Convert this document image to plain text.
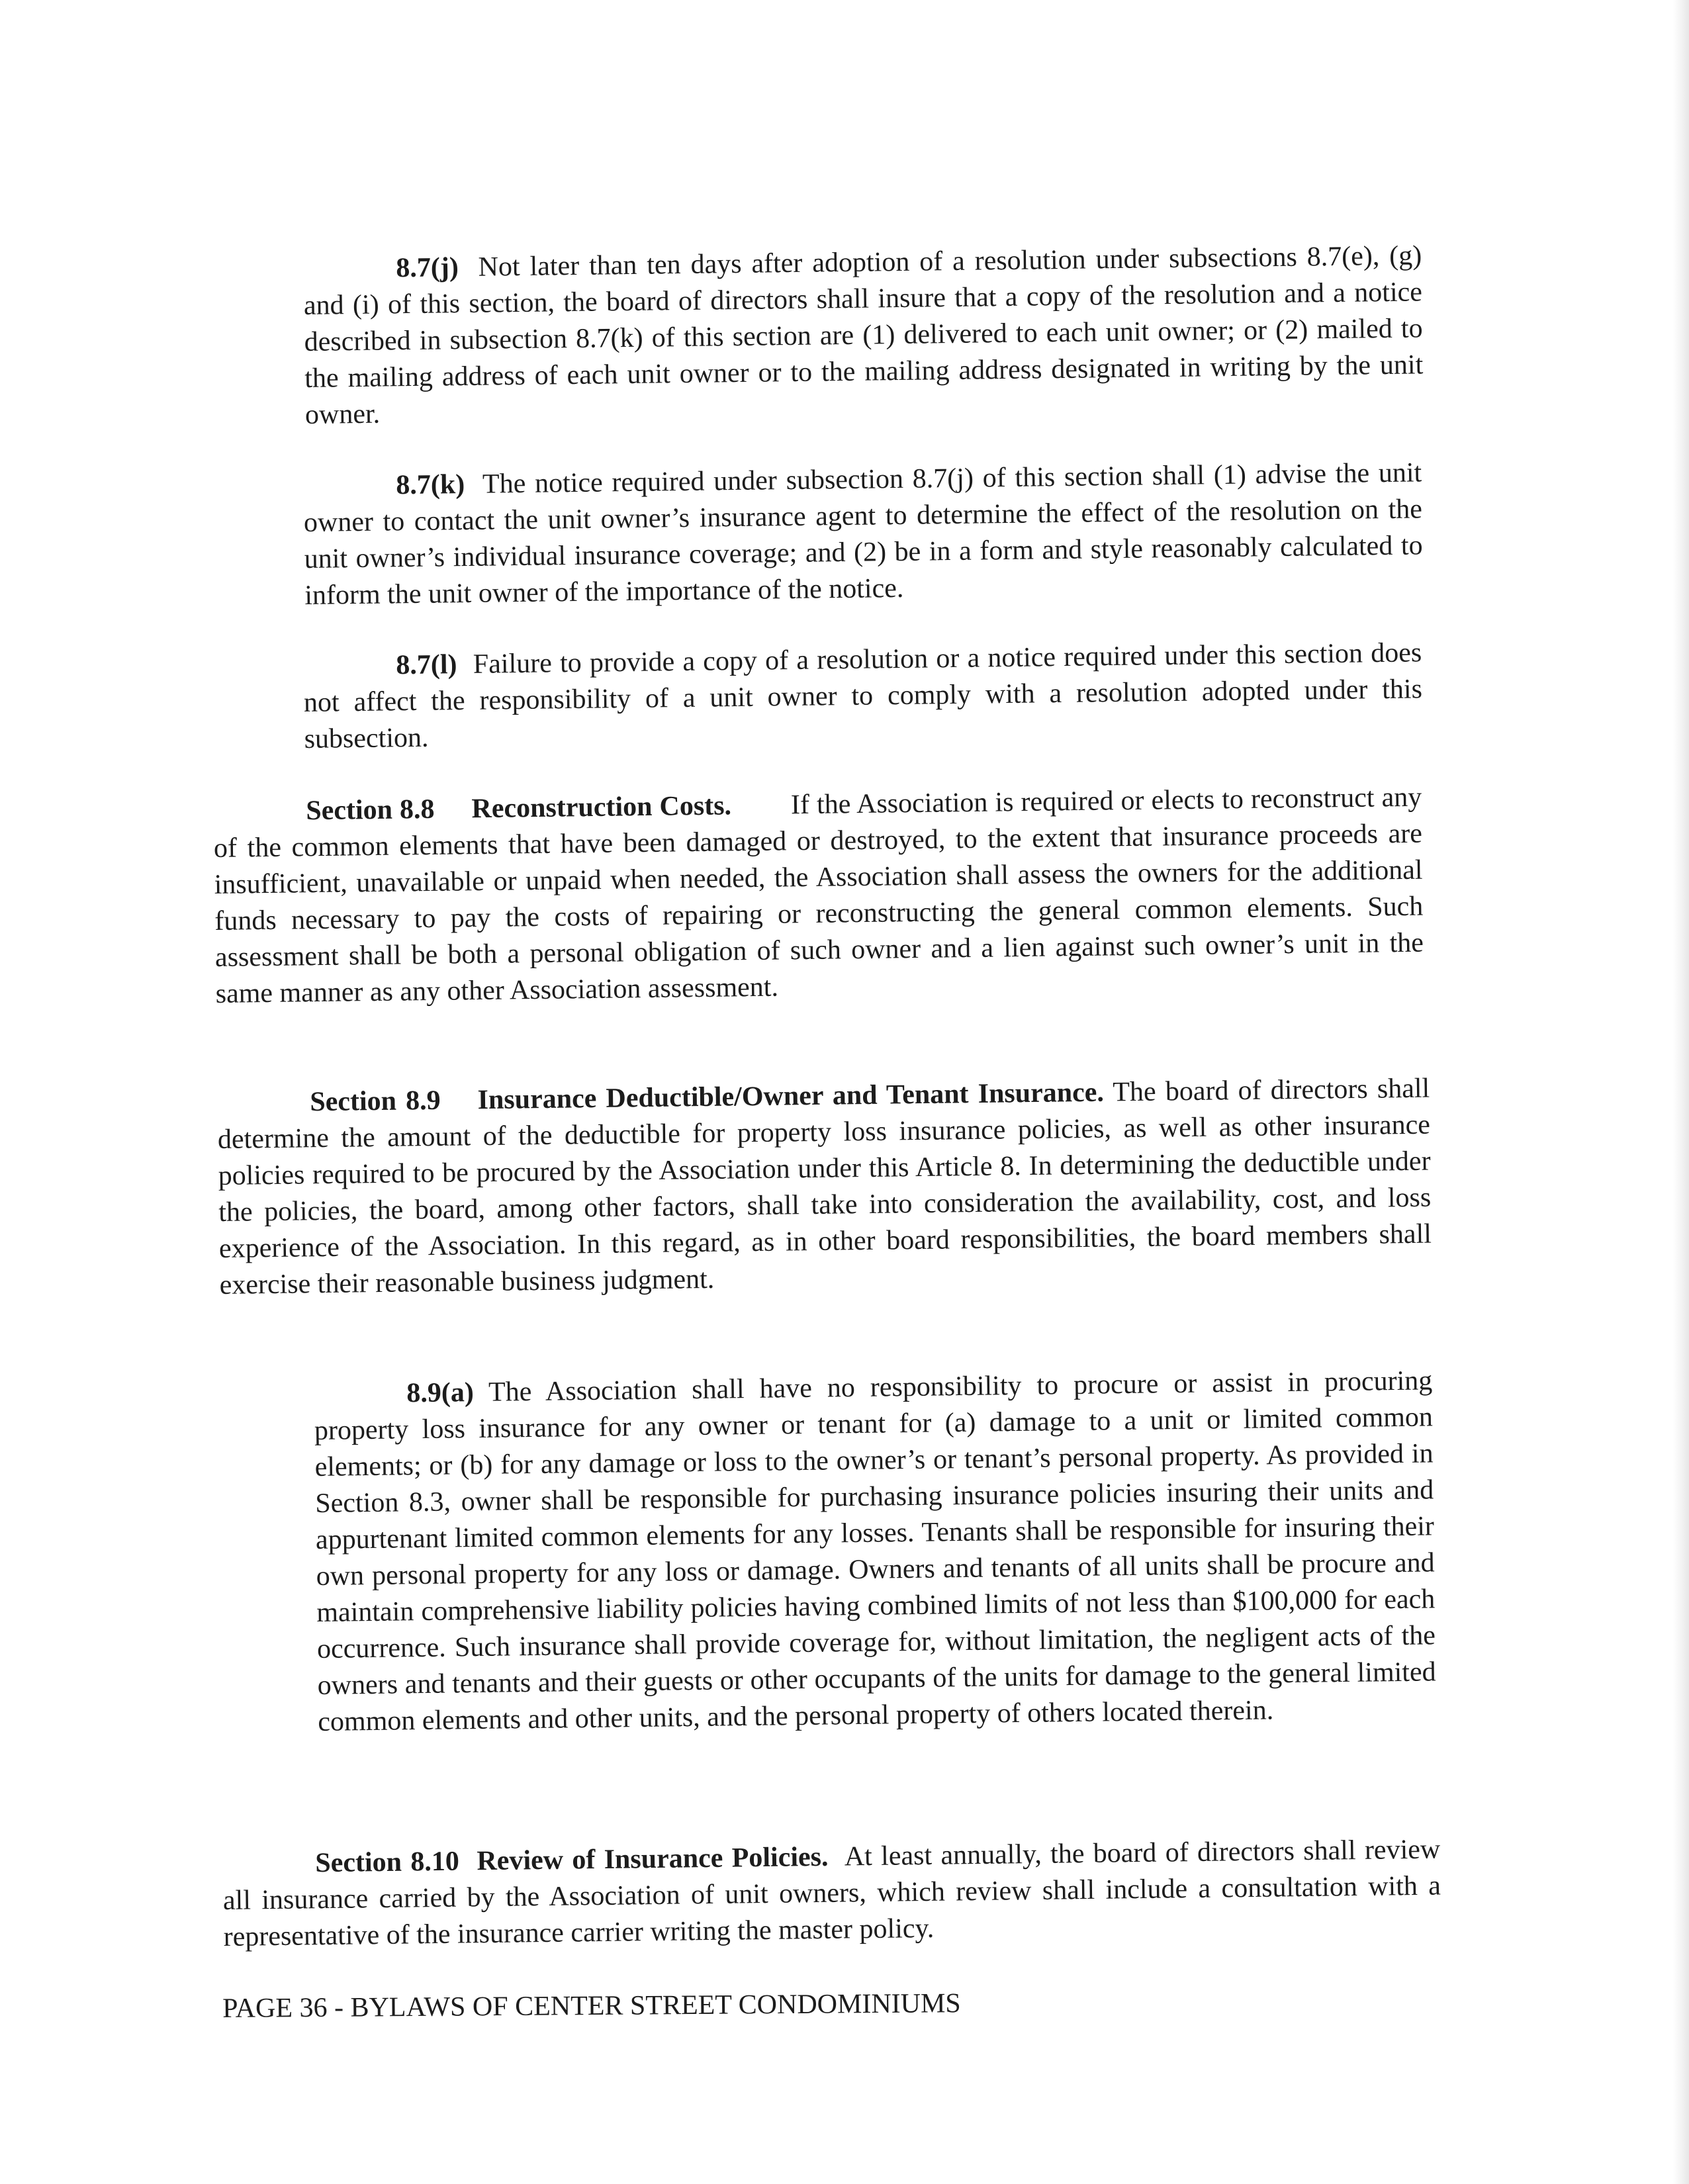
8.7(j) Not later than ten days after adoption of a resolution under subsections 8.7(e), (g) and (i) of this section, the board of directors shall insure that a copy of the resolution and a notice described in subsection 8.7(k) of this section are (1) delivered to each unit owner; or (2) mailed to the mailing address of each unit owner or to the mailing address designated in writing by the unit owner.

8.7(k) The notice required under subsection 8.7(j) of this section shall (1) advise the unit owner to contact the unit owner’s insurance agent to determine the effect of the resolution on the unit owner’s individual insurance coverage; and (2) be in a form and style reasonably calculated to inform the unit owner of the importance of the notice.

8.7(l) Failure to provide a copy of a resolution or a notice required under this section does not affect the responsibility of a unit owner to comply with a resolution adopted under this subsection.

Section 8.8 Reconstruction Costs. If the Association is required or elects to reconstruct any of the common elements that have been damaged or destroyed, to the extent that insurance proceeds are insufficient, unavailable or unpaid when needed, the Association shall assess the owners for the additional funds necessary to pay the costs of repairing or reconstructing the general common elements. Such assessment shall be both a personal obligation of such owner and a lien against such owner’s unit in the same manner as any other Association assessment.

Section 8.9 Insurance Deductible/Owner and Tenant Insurance. The board of directors shall determine the amount of the deductible for property loss insurance policies, as well as other insurance policies required to be procured by the Association under this Article 8. In determining the deductible under the policies, the board, among other factors, shall take into consideration the availability, cost, and loss experience of the Association. In this regard, as in other board responsibilities, the board members shall exercise their reasonable business judgment.

8.9(a) The Association shall have no responsibility to procure or assist in procuring property loss insurance for any owner or tenant for (a) damage to a unit or limited common elements; or (b) for any damage or loss to the owner’s or tenant’s personal property. As provided in Section 8.3, owner shall be responsible for purchasing insurance policies insuring their units and appurtenant limited common elements for any losses. Tenants shall be responsible for insuring their own personal property for any loss or damage. Owners and tenants of all units shall be procure and maintain comprehensive liability policies having combined limits of not less than $100,000 for each occurrence. Such insurance shall provide coverage for, without limitation, the negligent acts of the owners and tenants and their guests or other occupants of the units for damage to the general limited common elements and other units, and the personal property of others located therein.

Section 8.10 Review of Insurance Policies. At least annually, the board of directors shall review all insurance carried by the Association of unit owners, which review shall include a consultation with a representative of the insurance carrier writing the master policy.

PAGE 36 - BYLAWS OF CENTER STREET CONDOMINIUMS
